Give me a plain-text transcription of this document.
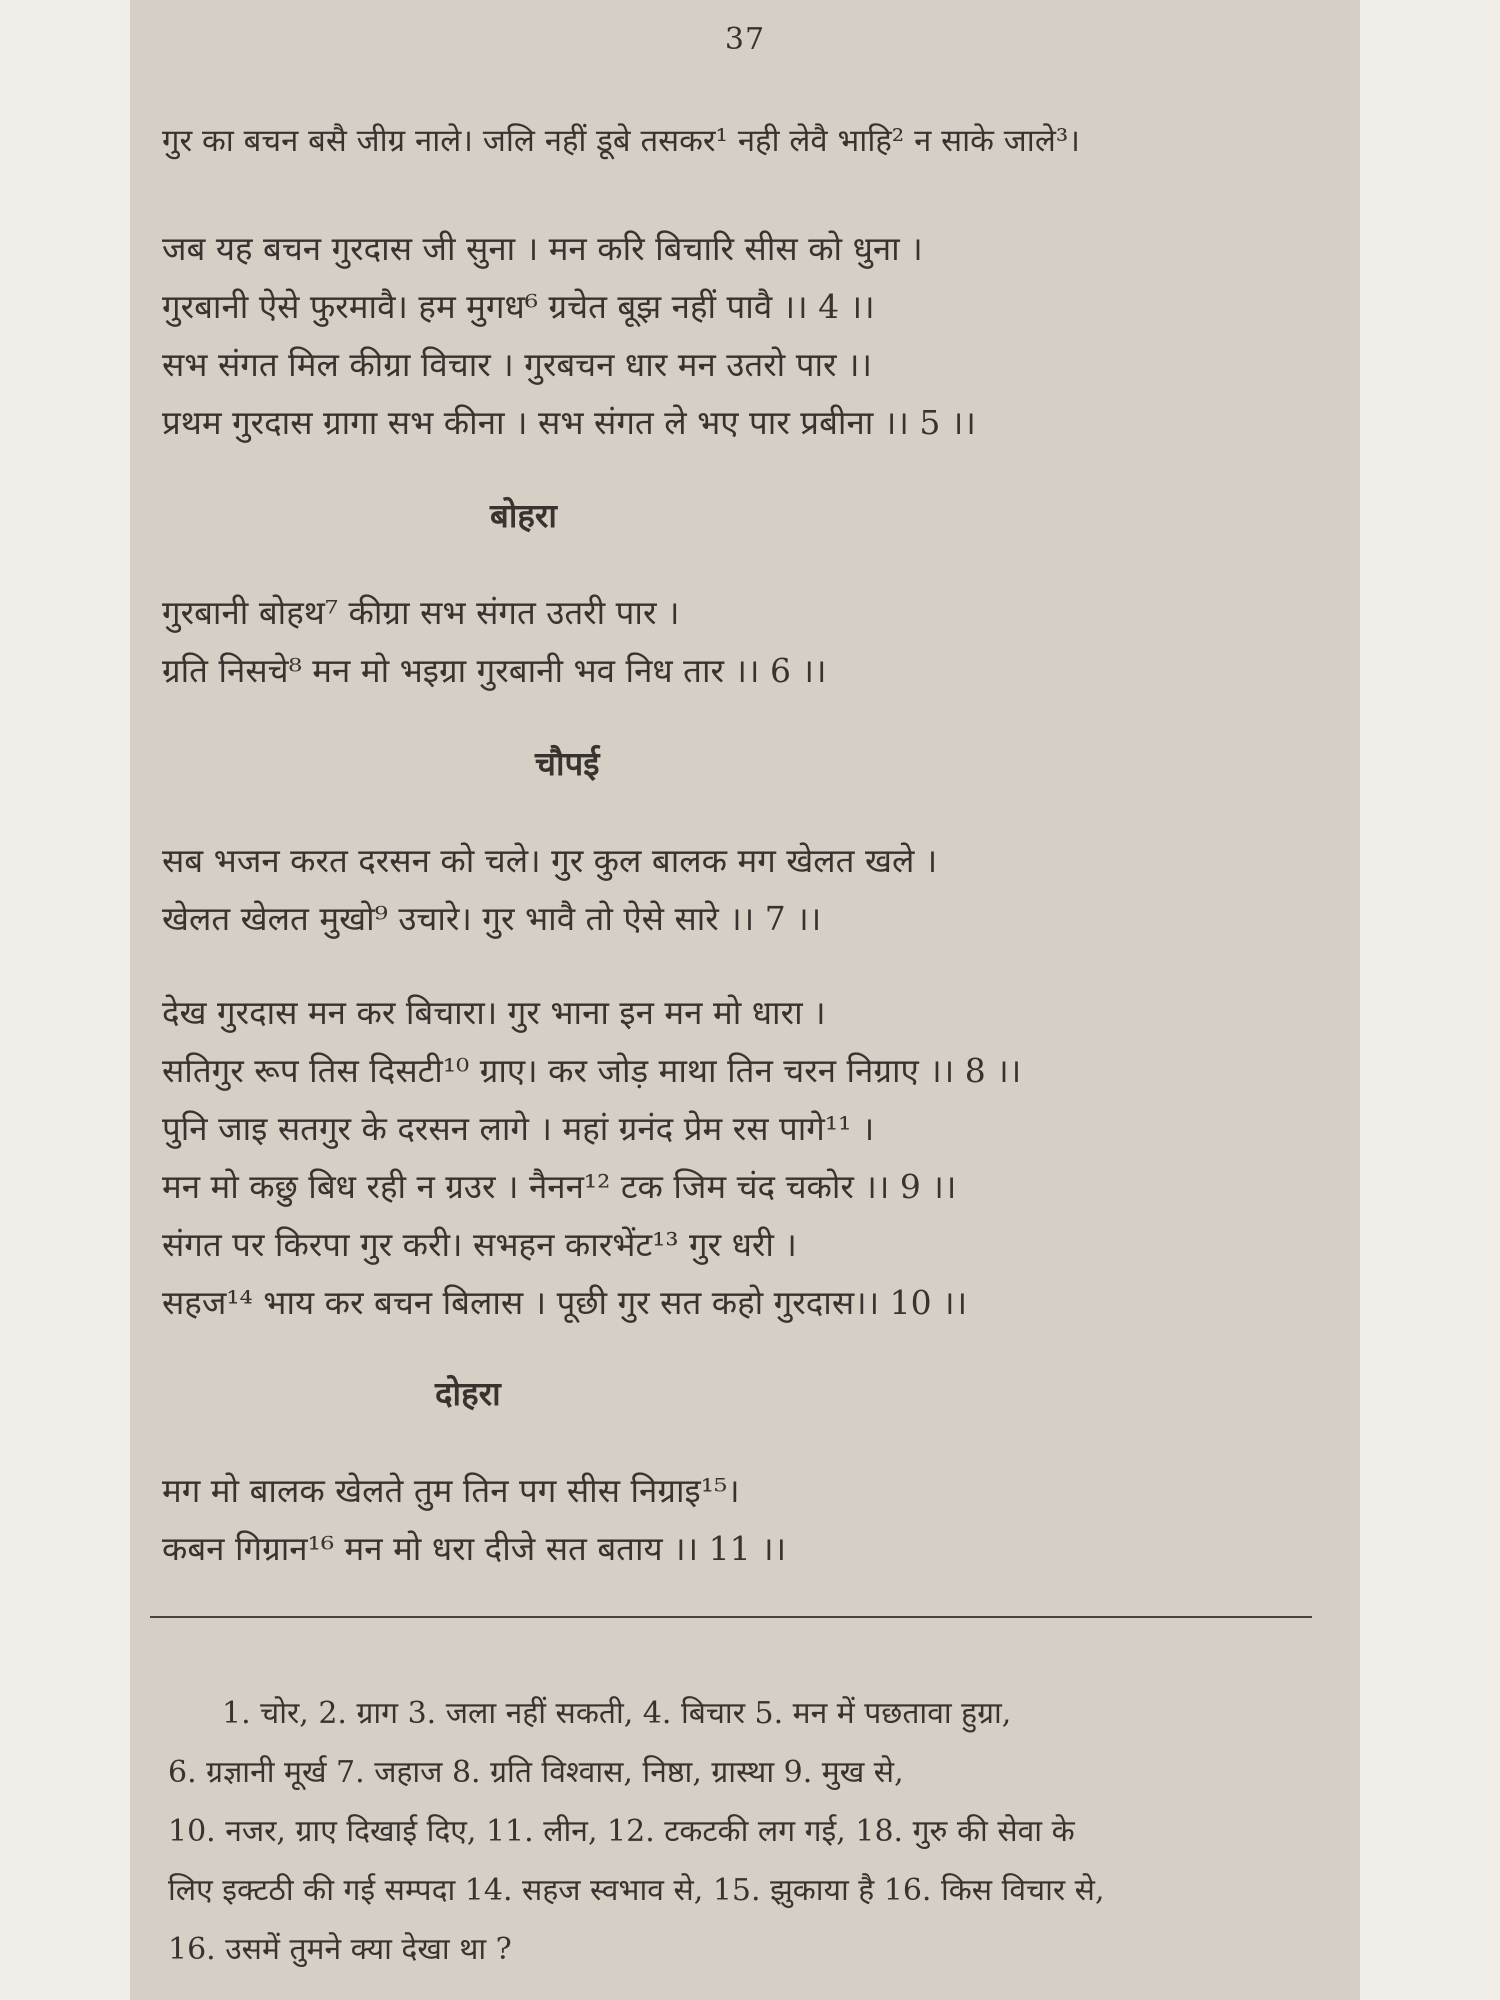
37
गुर का बचन बसै जीग्र नाले। जलि नहीं डूबे तसकर¹ नही लेवै भाहि² न साके जाले³।
जब यह बचन गुरदास जी सुना । मन करि बिचारि सीस को धुना ।
गुरबानी ऐसे फुरमावै। हम मुगध⁶ ग्रचेत बूझ नहीं पावै ।। 4 ।।
सभ संगत मिल कीग्रा विचार । गुरबचन धार मन उतरो पार ।।
प्रथम गुरदास ग्रागा सभ कीना । सभ संगत ले भए पार प्रबीना ।। 5 ।।
बोहरा
गुरबानी बोहथ⁷ कीग्रा सभ संगत उतरी पार ।
ग्रति निसचे⁸ मन मो भइग्रा गुरबानी भव निध तार ।। 6 ।।
चौपई
सब भजन करत दरसन को चले। गुर कुल बालक मग खेलत खले ।
खेलत खेलत मुखो⁹ उचारे। गुर भावै तो ऐसे सारे ।। 7 ।।
देख गुरदास मन कर बिचारा। गुर भाना इन मन मो धारा ।
सतिगुर रूप तिस दिसटी¹⁰ ग्राए। कर जोड़ माथा तिन चरन निग्राए ।। 8 ।।
पुनि जाइ सतगुर के दरसन लागे । महां ग्रनंद प्रेम रस पागे¹¹ ।
मन मो कछु बिध रही न ग्रउर । नैनन¹² टक जिम चंद चकोर ।। 9 ।।
संगत पर किरपा गुर करी। सभहन कारभेंट¹³ गुर धरी ।
सहज¹⁴ भाय कर बचन बिलास । पूछी गुर सत कहो गुरदास।। 10 ।।
दोहरा
मग मो बालक खेलते तुम तिन पग सीस निग्राइ¹⁵।
कबन गिग्रान¹⁶ मन मो धरा दीजे सत बताय ।। 11 ।।
1. चोर, 2. ग्राग 3. जला नहीं सकती, 4. बिचार 5. मन में पछतावा हुग्रा,
6. ग्रज्ञानी मूर्ख 7. जहाज 8. ग्रति विश्वास, निष्ठा, ग्रास्था 9. मुख से,
10. नजर, ग्राए दिखाई दिए, 11. लीन, 12. टकटकी लग गई, 18. गुरु की सेवा के
लिए इक्टठी की गई सम्पदा 14. सहज स्वभाव से, 15. झुकाया है 16. किस विचार से,
16. उसमें तुमने क्या देखा था ?
